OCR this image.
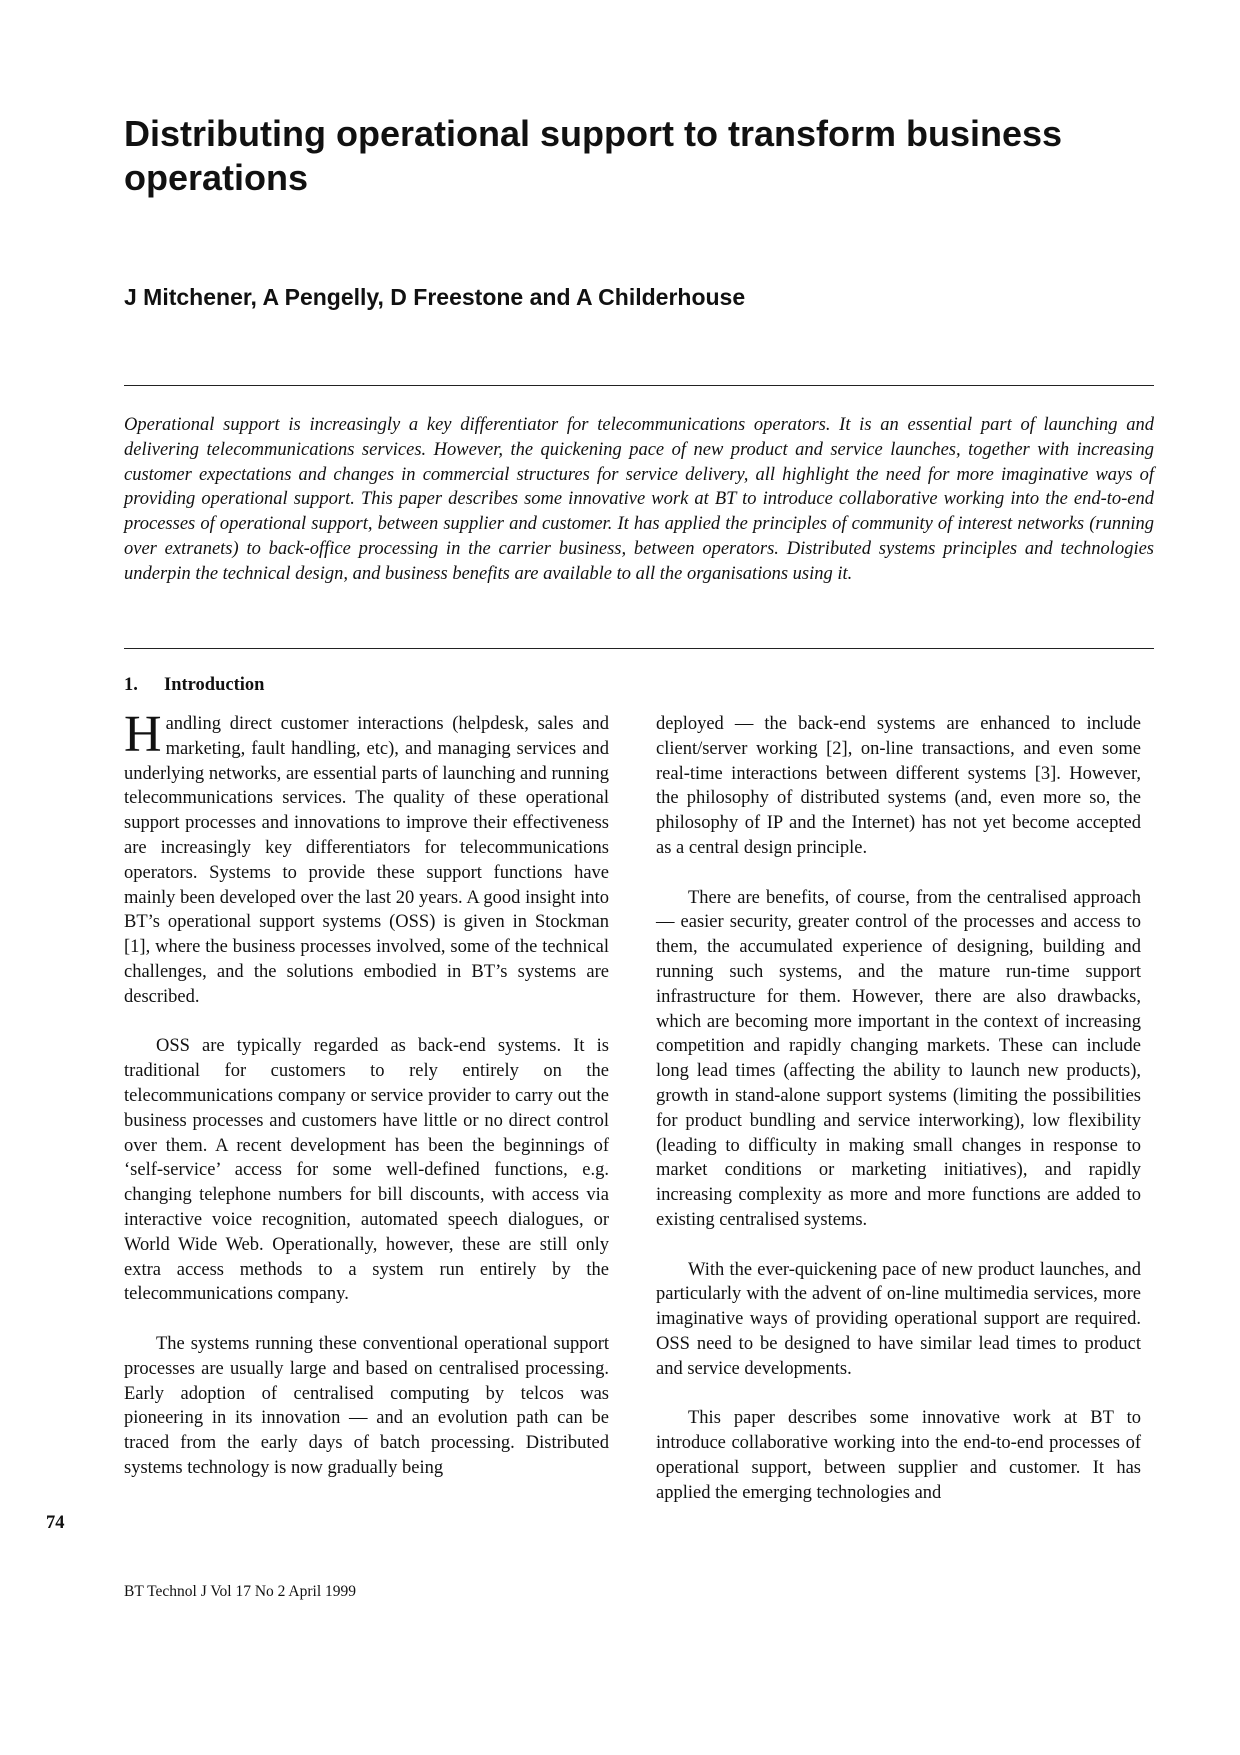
Distributing operational support to transform business operations
J Mitchener, A Pengelly, D Freestone and A Childerhouse

Operational support is increasingly a key differentiator for telecommunications operators. It is an essential part of launching and delivering telecommunications services. However, the quickening pace of new product and service launches, together with increasing customer expectations and changes in commercial structures for service delivery, all highlight the need for more imaginative ways of providing operational support. This paper describes some innovative work at BT to introduce collaborative working into the end-to-end processes of operational support, between supplier and customer. It has applied the principles of community of interest networks (running over extranets) to back-office processing in the carrier business, between operators. Distributed systems principles and technologies underpin the technical design, and business benefits are available to all the organisations using it.

1. Introduction

Handling direct customer interactions (helpdesk, sales and marketing, fault handling, etc), and managing services and underlying networks, are essential parts of launching and running telecommunications services. The quality of these operational support processes and innovations to improve their effectiveness are increasingly key differentiators for telecommunications operators. Systems to provide these support functions have mainly been developed over the last 20 years. A good insight into BT’s operational support systems (OSS) is given in Stockman [1], where the business processes involved, some of the technical challenges, and the solutions embodied in BT’s systems are described.

OSS are typically regarded as back-end systems. It is traditional for customers to rely entirely on the telecommunications company or service provider to carry out the business processes and customers have little or no direct control over them. A recent development has been the beginnings of ‘self-service’ access for some well-defined functions, e.g. changing telephone numbers for bill discounts, with access via interactive voice recognition, automated speech dialogues, or World Wide Web. Operationally, however, these are still only extra access methods to a system run entirely by the telecommunications company.

The systems running these conventional operational support processes are usually large and based on centralised processing. Early adoption of centralised computing by telcos was pioneering in its innovation — and an evolution path can be traced from the early days of batch processing. Distributed systems technology is now gradually being

deployed — the back-end systems are enhanced to include client/server working [2], on-line transactions, and even some real-time interactions between different systems [3]. However, the philosophy of distributed systems (and, even more so, the philosophy of IP and the Internet) has not yet become accepted as a central design principle.

There are benefits, of course, from the centralised approach — easier security, greater control of the processes and access to them, the accumulated experience of designing, building and running such systems, and the mature run-time support infrastructure for them. However, there are also drawbacks, which are becoming more important in the context of increasing competition and rapidly changing markets. These can include long lead times (affecting the ability to launch new products), growth in stand-alone support systems (limiting the possibilities for product bundling and service interworking), low flexibility (leading to difficulty in making small changes in response to market conditions or marketing initiatives), and rapidly increasing complexity as more and more functions are added to existing centralised systems.

With the ever-quickening pace of new product launches, and particularly with the advent of on-line multimedia services, more imaginative ways of providing operational support are required. OSS need to be designed to have similar lead times to product and service developments.

This paper describes some innovative work at BT to introduce collaborative working into the end-to-end processes of operational support, between supplier and customer. It has applied the emerging technologies and

74
BT Technol J Vol 17 No 2 April 1999
